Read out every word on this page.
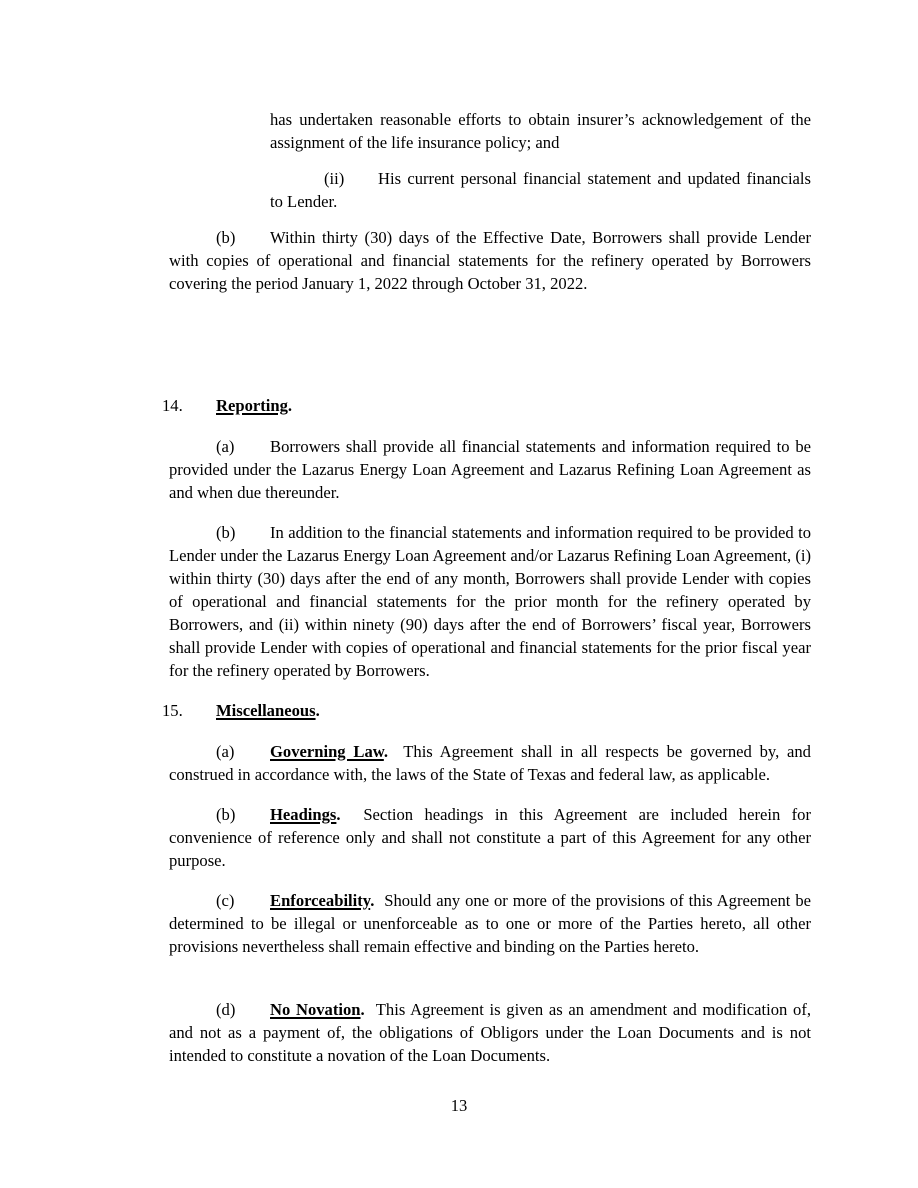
has undertaken reasonable efforts to obtain insurer’s acknowledgement of the assignment of the life insurance policy; and

(ii) His current personal financial statement and updated financials to Lender.

(b) Within thirty (30) days of the Effective Date, Borrowers shall provide Lender with copies of operational and financial statements for the refinery operated by Borrowers covering the period January 1, 2022 through October 31, 2022.

14. Reporting.

(a) Borrowers shall provide all financial statements and information required to be provided under the Lazarus Energy Loan Agreement and Lazarus Refining Loan Agreement as and when due thereunder.

(b) In addition to the financial statements and information required to be provided to Lender under the Lazarus Energy Loan Agreement and/or Lazarus Refining Loan Agreement, (i) within thirty (30) days after the end of any month, Borrowers shall provide Lender with copies of operational and financial statements for the prior month for the refinery operated by Borrowers, and (ii) within ninety (90) days after the end of Borrowers’ fiscal year, Borrowers shall provide Lender with copies of operational and financial statements for the prior fiscal year for the refinery operated by Borrowers.

15. Miscellaneous.

(a) Governing Law. This Agreement shall in all respects be governed by, and construed in accordance with, the laws of the State of Texas and federal law, as applicable.

(b) Headings. Section headings in this Agreement are included herein for convenience of reference only and shall not constitute a part of this Agreement for any other purpose.

(c) Enforceability. Should any one or more of the provisions of this Agreement be determined to be illegal or unenforceable as to one or more of the Parties hereto, all other provisions nevertheless shall remain effective and binding on the Parties hereto.

(d) No Novation. This Agreement is given as an amendment and modification of, and not as a payment of, the obligations of Obligors under the Loan Documents and is not intended to constitute a novation of the Loan Documents.

13
